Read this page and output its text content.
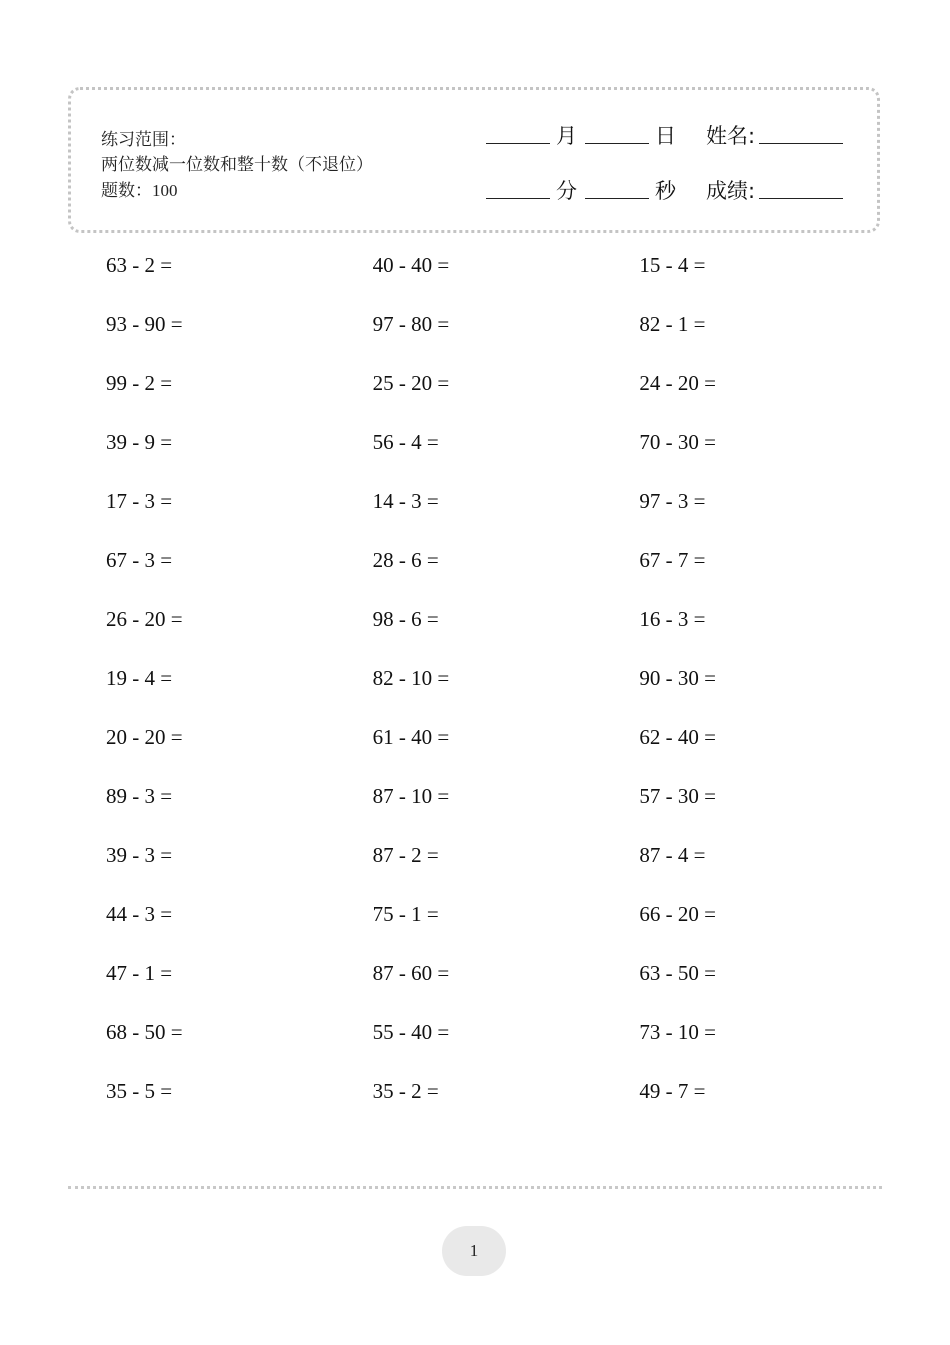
练习范围：
两位数减一位数和整十数（不退位）
题数：100
月	日 姓名:
分	秒 成绩:
63 - 2 =	40 - 40 =	15 - 4 =
93 - 90 =	97 - 80 =	82 - 1 =
99 - 2 =	25 - 20 =	24 - 20 =
39 - 9 =	56 - 4 =	70 - 30 =
17 - 3 =	14 - 3 =	97 - 3 =
67 - 3 =	28 - 6 =	67 - 7 =
26 - 20 =	98 - 6 =	16 - 3 =
19 - 4 =	82 - 10 =	90 - 30 =
20 - 20 =	61 - 40 =	62 - 40 =
89 - 3 =	87 - 10 =	57 - 30 =
39 - 3 =	87 - 2 =	87 - 4 =
44 - 3 =	75 - 1 =	66 - 20 =
47 - 1 =	87 - 60 =	63 - 50 =
68 - 50 =	55 - 40 =	73 - 10 =
35 - 5 =	35 - 2 =	49 - 7 =
1
